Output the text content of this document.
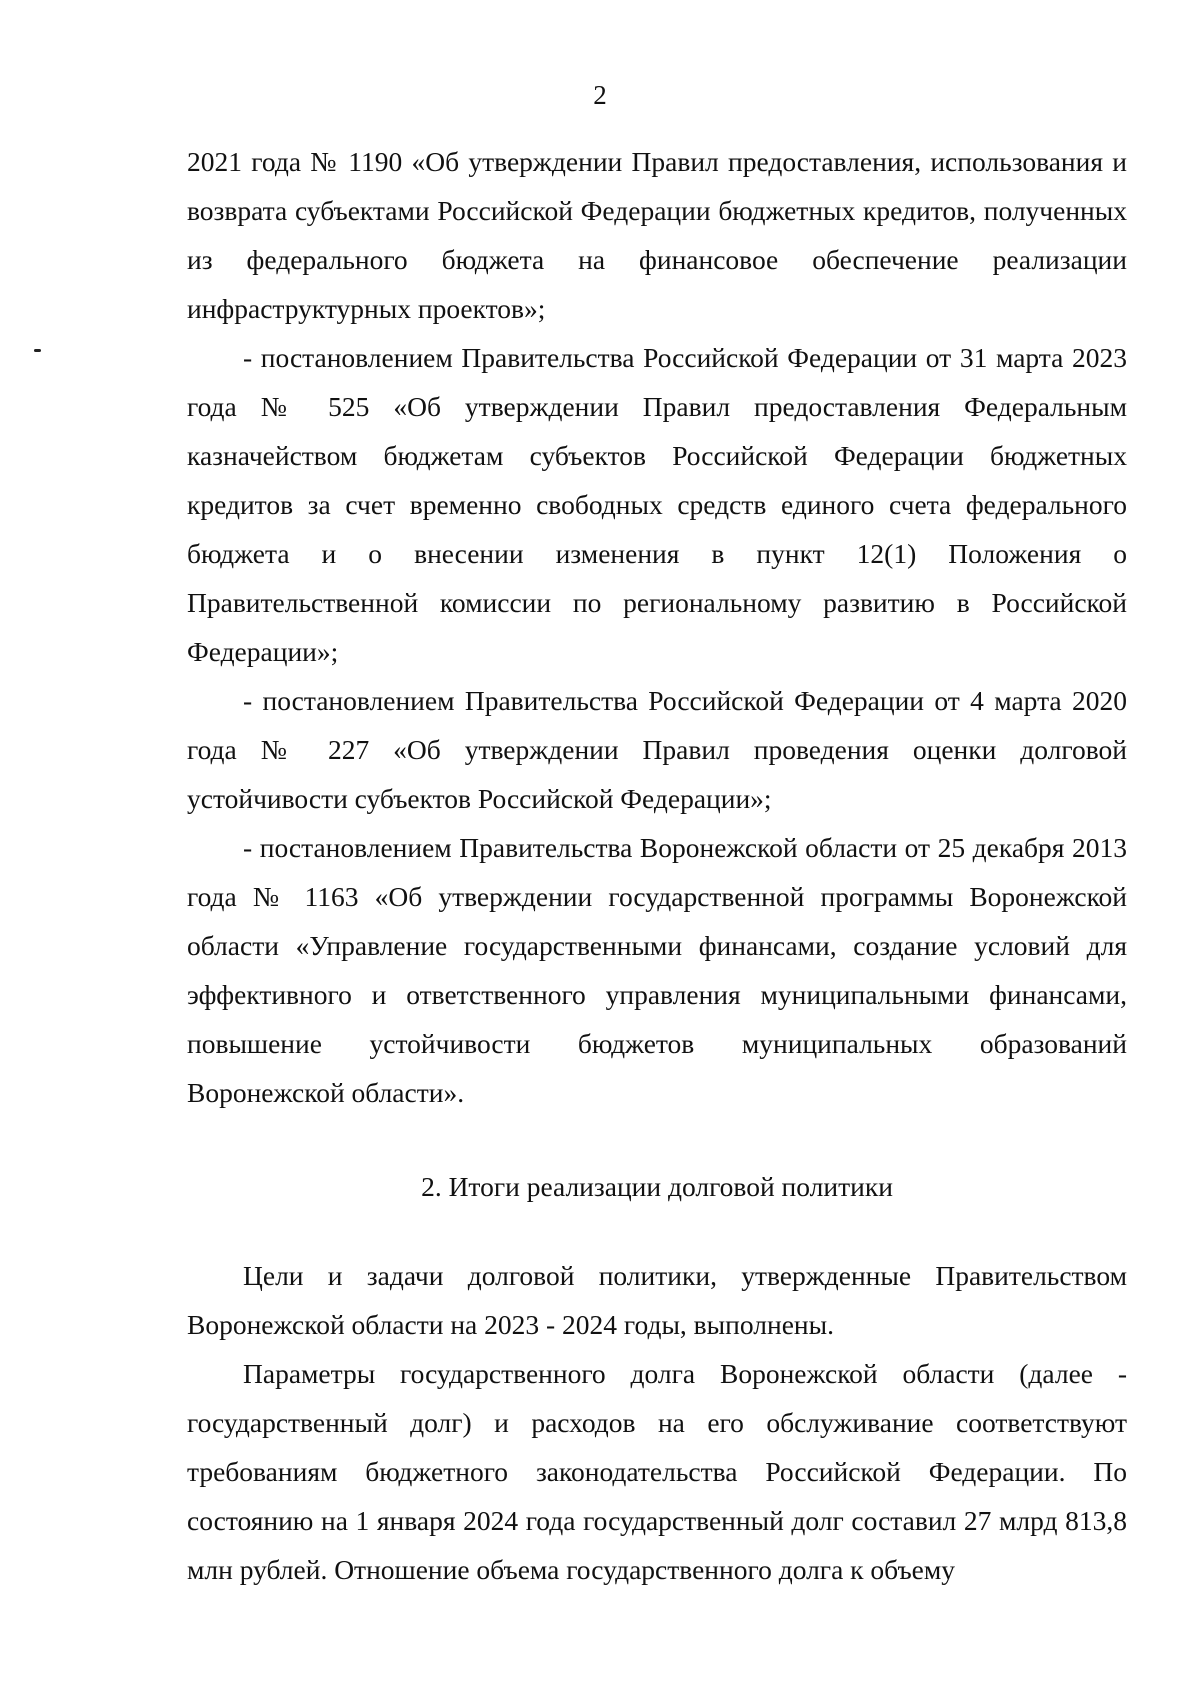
2

2021 года № 1190 «Об утверждении Правил предоставления, использования и возврата субъектами Российской Федерации бюджетных кредитов, полученных из федерального бюджета на финансовое обеспечение реализации инфраструктурных проектов»;

- постановлением Правительства Российской Федерации от 31 марта 2023 года № 525 «Об утверждении Правил предоставления Федеральным казначейством бюджетам субъектов Российской Федерации бюджетных кредитов за счет временно свободных средств единого счета федерального бюджета и о внесении изменения в пункт 12(1) Положения о Правительственной комиссии по региональному развитию в Российской Федерации»;

- постановлением Правительства Российской Федерации от 4 марта 2020 года № 227 «Об утверждении Правил проведения оценки долговой устойчивости субъектов Российской Федерации»;

- постановлением Правительства Воронежской области от 25 декабря 2013 года № 1163 «Об утверждении государственной программы Воронежской области «Управление государственными финансами, создание условий для эффективного и ответственного управления муниципальными финансами, повышение устойчивости бюджетов муниципальных образований Воронежской области».

2. Итоги реализации долговой политики

Цели и задачи долговой политики, утвержденные Правительством Воронежской области на 2023 - 2024 годы, выполнены.

Параметры государственного долга Воронежской области (далее - государственный долг) и расходов на его обслуживание соответствуют требованиям бюджетного законодательства Российской Федерации. По состоянию на 1 января 2024 года государственный долг составил 27 млрд 813,8 млн рублей. Отношение объема государственного долга к объему
